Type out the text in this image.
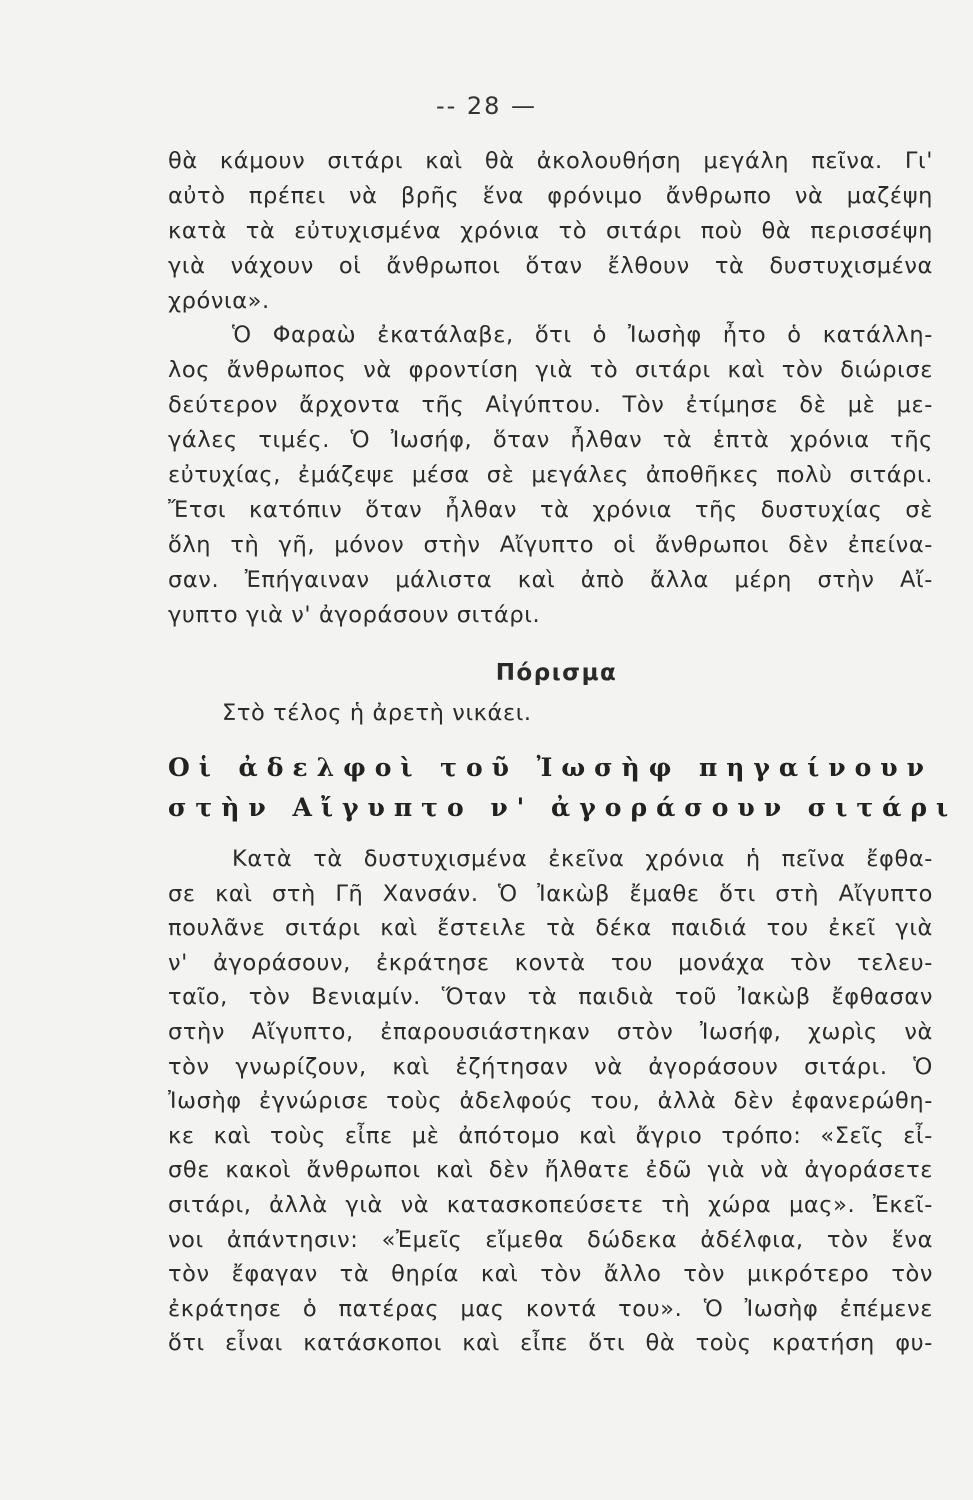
-- 28 —
θὰ κάμουν σιτάρι καὶ θὰ ἀκολουθήση μεγάλη πεῖνα. Γι'
αὐτὸ πρέπει νὰ βρῆς ἕνα φρόνιμο ἄνθρωπο νὰ μαζέψη
κατὰ τὰ εὐτυχισμένα χρόνια τὸ σιτάρι ποὺ θὰ περισσέψη
γιὰ νάχουν οἱ ἄνθρωποι ὅταν ἔλθουν τὰ δυστυχισμένα
χρόνια».
Ὁ Φαραὼ ἐκατάλαβε, ὅτι ὁ Ἰωσὴφ ἦτο ὁ κατάλλη-
λος ἄνθρωπος νὰ φροντίση γιὰ τὸ σιτάρι καὶ τὸν διώρισε
δεύτερον ἄρχοντα τῆς Αἰγύπτου. Τὸν ἐτίμησε δὲ μὲ με-
γάλες τιμές. Ὁ Ἰωσήφ, ὅταν ἦλθαν τὰ ἑπτὰ χρόνια τῆς
εὐτυχίας, ἐμάζεψε μέσα σὲ μεγάλες ἀποθῆκες πολὺ σιτάρι.
Ἔτσι κατόπιν ὅταν ἦλθαν τὰ χρόνια τῆς δυστυχίας σὲ
ὅλη τὴ γῆ, μόνον στὴν Αἴγυπτο οἱ ἄνθρωποι δὲν ἐπείνα-
σαν. Ἐπήγαιναν μάλιστα καὶ ἀπὸ ἄλλα μέρη στὴν Αἴ-
γυπτο γιὰ ν' ἀγοράσουν σιτάρι.
Πόρισμα
Στὸ τέλος ἡ ἀρετὴ νικάει.
Οἱ ἀδελφοὶ τοῦ Ἰωσὴφ πηγαίνουν
στὴν Αἴγυπτο ν' ἀγοράσουν σιτάρι
Κατὰ τὰ δυστυχισμένα ἐκεῖνα χρόνια ἡ πεῖνα ἔφθα-
σε καὶ στὴ Γῆ Χανσάν. Ὁ Ἰακὼβ ἔμαθε ὅτι στὴ Αἴγυπτο
πουλᾶνε σιτάρι καὶ ἔστειλε τὰ δέκα παιδιά του ἐκεῖ γιὰ
ν' ἀγοράσουν, ἐκράτησε κοντὰ του μονάχα τὸν τελευ-
ταῖο, τὸν Βενιαμίν. Ὅταν τὰ παιδιὰ τοῦ Ἰακὼβ ἔφθασαν
στὴν Αἴγυπτο, ἐπαρουσιάστηκαν στὸν Ἰωσήφ, χωρὶς νὰ
τὸν γνωρίζουν, καὶ ἐζήτησαν νὰ ἀγοράσουν σιτάρι. Ὁ
Ἰωσὴφ ἐγνώρισε τοὺς ἀδελφούς του, ἀλλὰ δὲν ἐφανερώθη-
κε καὶ τοὺς εἶπε μὲ ἀπότομο καὶ ἄγριο τρόπο: «Σεῖς εἶ-
σθε κακοὶ ἄνθρωποι καὶ δὲν ἤλθατε ἐδῶ γιὰ νὰ ἀγοράσετε
σιτάρι, ἀλλὰ γιὰ νὰ κατασκοπεύσετε τὴ χώρα μας». Ἐκεῖ-
νοι ἀπάντησιν: «Ἐμεῖς εἴμεθα δώδεκα ἀδέλφια, τὸν ἕνα
τὸν ἔφαγαν τὰ θηρία καὶ τὸν ἄλλο τὸν μικρότερο τὸν
ἐκράτησε ὁ πατέρας μας κοντά του». Ὁ Ἰωσὴφ ἐπέμενε
ὅτι εἶναι κατάσκοποι καὶ εἶπε ὅτι θὰ τοὺς κρατήση φυ-
